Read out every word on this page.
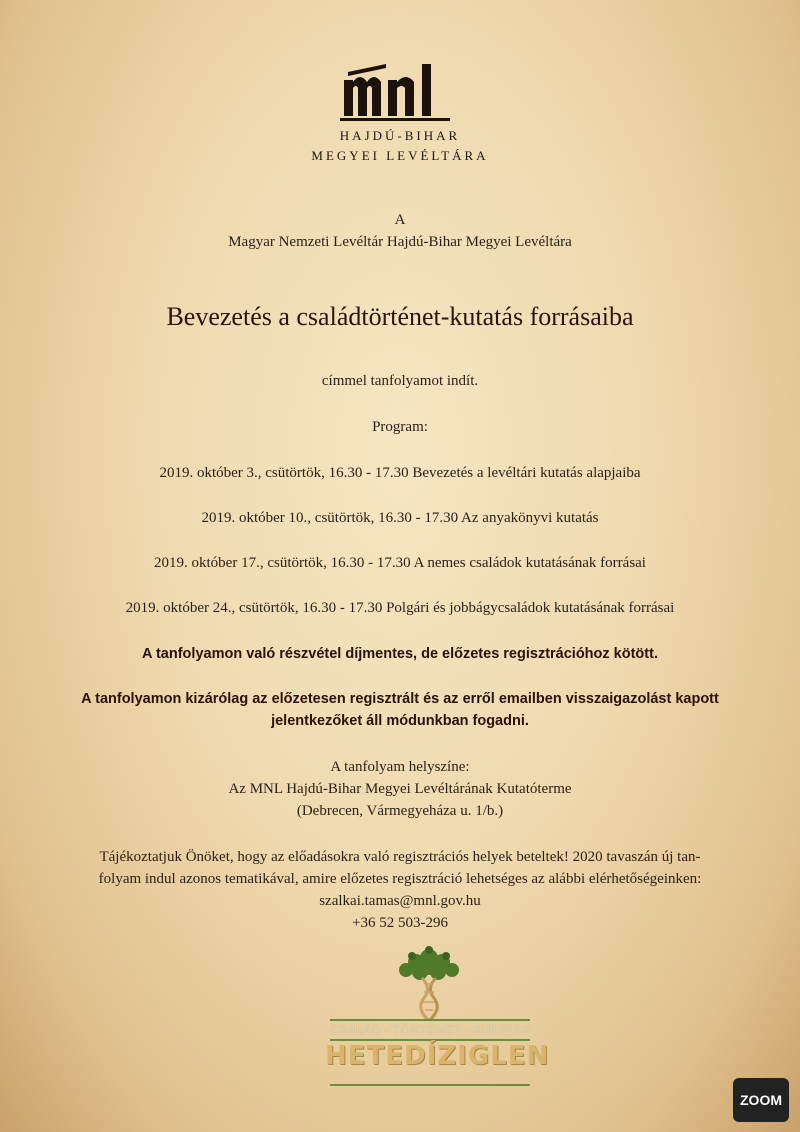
HAJDÚ-BIHAR
MEGYEI LEVÉLTÁRA
A
Magyar Nemzeti Levéltár Hajdú-Bihar Megyei Levéltára
Bevezetés a családtörténet-kutatás forrásaiba
címmel tanfolyamot indít.
Program:
2019. október 3., csütörtök, 16.30 - 17.30 Bevezetés a levéltári kutatás alapjaiba
2019. október 10., csütörtök, 16.30 - 17.30 Az anyakönyvi kutatás
2019. október 17., csütörtök, 16.30 - 17.30 A nemes családok kutatásának forrásai
2019. október 24., csütörtök, 16.30 - 17.30 Polgári és jobbágycsaládok kutatásának forrásai
A tanfolyamon való részvétel díjmentes, de előzetes regisztrációhoz kötött.
A tanfolyamon kizárólag az előzetesen regisztrált és az erről emailben visszaigazolást kapott
jelentkezőket áll módunkban fogadni.
A tanfolyam helyszíne:
Az MNL Hajdú-Bihar Megyei Levéltárának Kutatóterme
(Debrecen, Vármegyeháza u. 1/b.)
Tájékoztatjuk Önöket, hogy az előadásokra való regisztrációs helyek beteltek! 2020 tavaszán új tan-
folyam indul azonos tematikával, amire előzetes regisztráció lehetséges az alábbi elérhetőségeinken:
szalkai.tamas@mnl.gov.hu
+36 52 503-296
CSALÁD - TÖRTÉNET - KUTATÁS
HETEDÍZIGLEN
ZOOM
